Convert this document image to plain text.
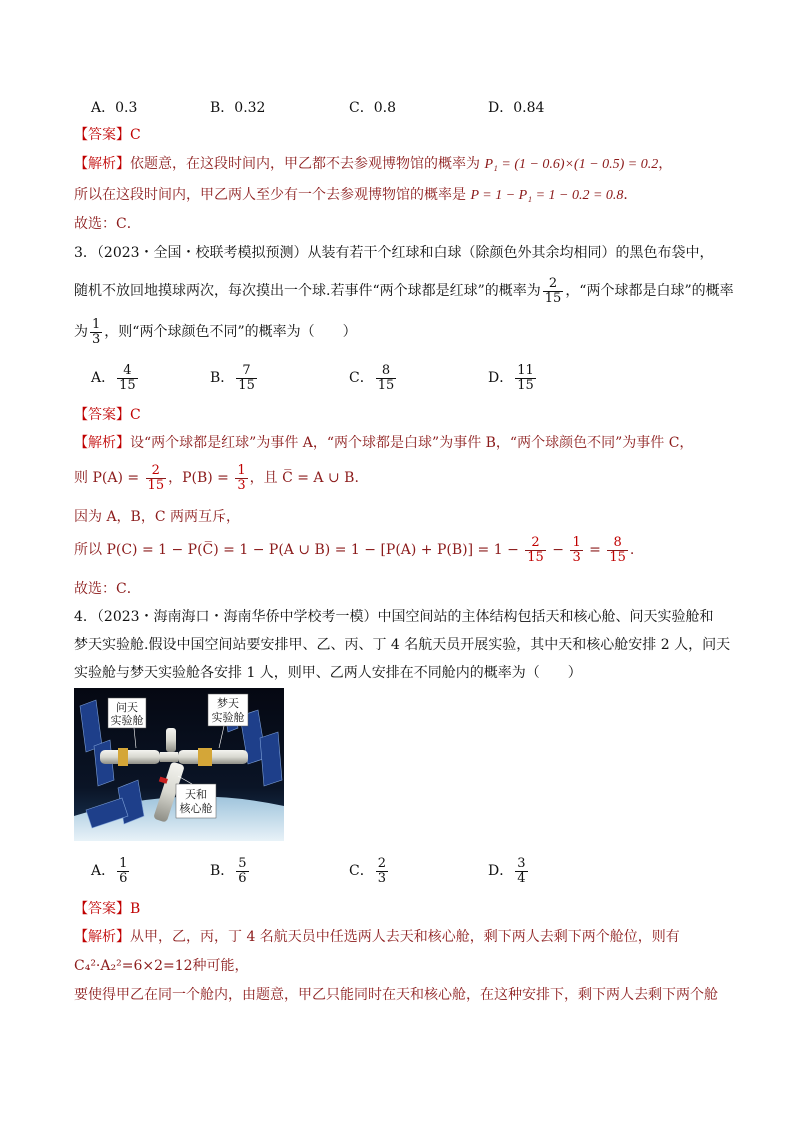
A．0.3	B．0.32	C．0.8	D．0.84
【答案】C
【解析】依题意，在这段时间内，甲乙都不去参观博物馆的概率为 P₁ = (1 − 0.6)×(1 − 0.5) = 0.2，
所以在这段时间内，甲乙两人至少有一个去参观博物馆的概率是 P = 1 − P₁ = 1 − 0.2 = 0.8．
故选：C．
3．（2023・全国・校联考模拟预测）从装有若干个红球和白球（除颜色外其余均相同）的黑色布袋中，
随机不放回地摸球两次，每次摸出一个球.若事件“两个球都是红球”的概率为 $\frac{2}{15}$ ，“两个球都是白球”的概率
为 $\frac{1}{3}$ ，则“两个球颜色不同”的概率为（　　）
A． $\frac{4}{15}$	B． $\frac{7}{15}$	C． $\frac{8}{15}$	D． $\frac{11}{15}$
【答案】C
【解析】设“两个球都是红球”为事件 A，“两个球都是白球”为事件 B，“两个球颜色不同”为事件 C，
则 $P(A) = \frac{2}{15}$ ，$P(B) = \frac{1}{3}$ ，且 C̅ = A ∪ B.
因为 A，B，C 两两互斥，
所以 P(C) = 1 − P(C̅) = 1 − P(A ∪ $B) = 1 - [P(A) + P(B)] = 1 - \frac{2}{15} - \frac{1}{3} = \frac{8}{15}$ .
故选：C．
4．（2023・海南海口・海南华侨中学校考一模）中国空间站的主体结构包括天和核心舱、问天实验舱和
梦天实验舱.假设中国空间站要安排甲、乙、丙、丁 4 名航天员开展实验，其中天和核心舱安排 2 人，问天
实验舱与梦天实验舱各安排 1 人，则甲、乙两人安排在不同舱内的概率为（　　）
问天
实验舱
梦天
实验舱
天和
核心舱
A． $\frac{1}{6}$	B． $\frac{5}{6}$	C． $\frac{2}{3}$	D． $\frac{3}{4}$
【答案】B
【解析】从甲，乙，丙，丁 4 名航天员中任选两人去天和核心舱，剩下两人去剩下两个舱位，则有
C₄²·A₂²=6×2=12种可能，
要使得甲乙在同一个舱内，由题意，甲乙只能同时在天和核心舱，在这种安排下，剩下两人去剩下两个舱
